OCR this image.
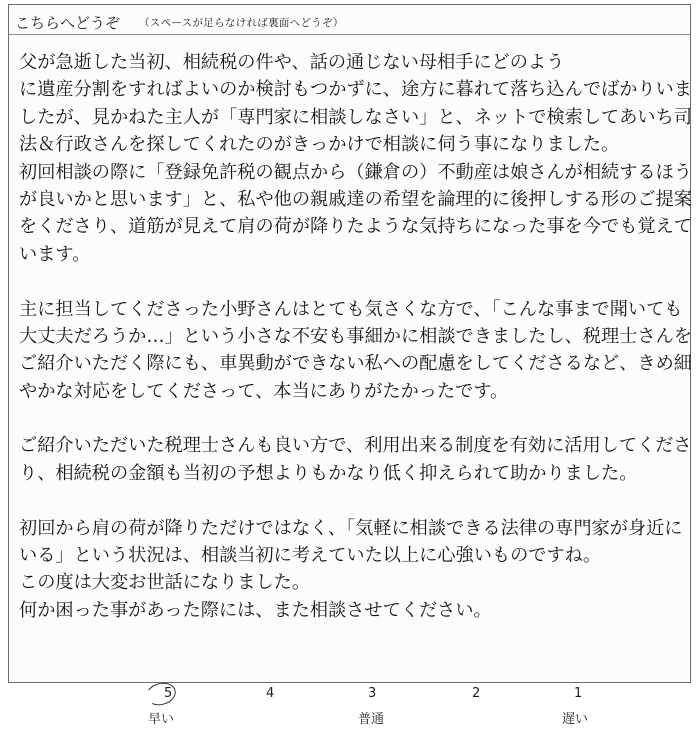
こちらへどうぞ （スペースが足らなければ裏面へどうぞ）
父が急逝した当初、相続税の件や、話の通じない母相手にどのよう
に遺産分割をすればよいのか検討もつかずに、途方に暮れて落ち込んでばかりいま
したが、見かねた主人が「専門家に相談しなさい」と、ネットで検索してあいち司
法＆行政さんを探してくれたのがきっかけで相談に伺う事になりました。
初回相談の際に「登録免許税の観点から（鎌倉の）不動産は娘さんが相続するほう
が良いかと思います」と、私や他の親戚達の希望を論理的に後押しする形のご提案
をくださり、道筋が見えて肩の荷が降りたような気持ちになった事を今でも覚えて
います。
主に担当してくださった小野さんはとても気さくな方で、「こんな事まで聞いても
大丈夫だろうか…」という小さな不安も事細かに相談できましたし、税理士さんを
ご紹介いただく際にも、車異動ができない私への配慮をしてくださるなど、きめ細
やかな対応をしてくださって、本当にありがたかったです。
ご紹介いただいた税理士さんも良い方で、利用出来る制度を有効に活用してくださ
り、相続税の金額も当初の予想よりもかなり低く抑えられて助かりました。
初回から肩の荷が降りただけではなく、「気軽に相談できる法律の専門家が身近に
いる」という状況は、相談当初に考えていた以上に心強いものですね。
この度は大変お世話になりました。
何か困った事があった際には、また相談させてください。
5	4	3	2	1
早い	普通	遅い
